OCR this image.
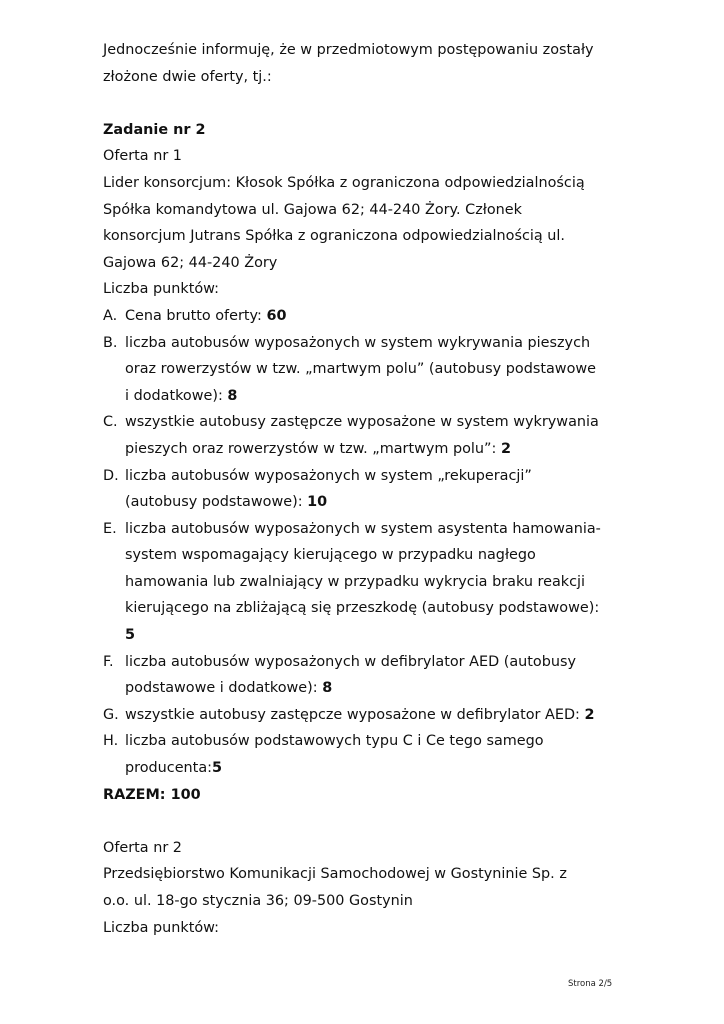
Jednocześnie informuję, że w przedmiotowym postępowaniu zostały
złożone dwie oferty, tj.:
Zadanie nr 2
Oferta nr 1
Lider konsorcjum: Kłosok Spółka z ograniczona odpowiedzialnością
Spółka komandytowa ul. Gajowa 62; 44-240 Żory. Członek
konsorcjum Jutrans Spółka z ograniczona odpowiedzialnością ul.
Gajowa 62; 44-240 Żory
Liczba punktów:
A. Cena brutto oferty: 60
B. liczba autobusów wyposażonych w system wykrywania pieszych
oraz rowerzystów w tzw. „martwym polu” (autobusy podstawowe
i dodatkowe): 8
C. wszystkie autobusy zastępcze wyposażone w system wykrywania
pieszych oraz rowerzystów w tzw. „martwym polu”: 2
D. liczba autobusów wyposażonych w system „rekuperacji”
(autobusy podstawowe): 10
E. liczba autobusów wyposażonych w system asystenta hamowania-
system wspomagający kierującego w przypadku nagłego
hamowania lub zwalniający w przypadku wykrycia braku reakcji
kierującego na zbliżającą się przeszkodę (autobusy podstawowe):
5
F. liczba autobusów wyposażonych w defibrylator AED (autobusy
podstawowe i dodatkowe): 8
G. wszystkie autobusy zastępcze wyposażone w defibrylator AED: 2
H. liczba autobusów podstawowych typu C i Ce tego samego
producenta:5
RAZEM: 100
Oferta nr 2
Przedsiębiorstwo Komunikacji Samochodowej w Gostyninie Sp. z
o.o. ul. 18-go stycznia 36; 09-500 Gostynin
Liczba punktów:
Strona 2/5
